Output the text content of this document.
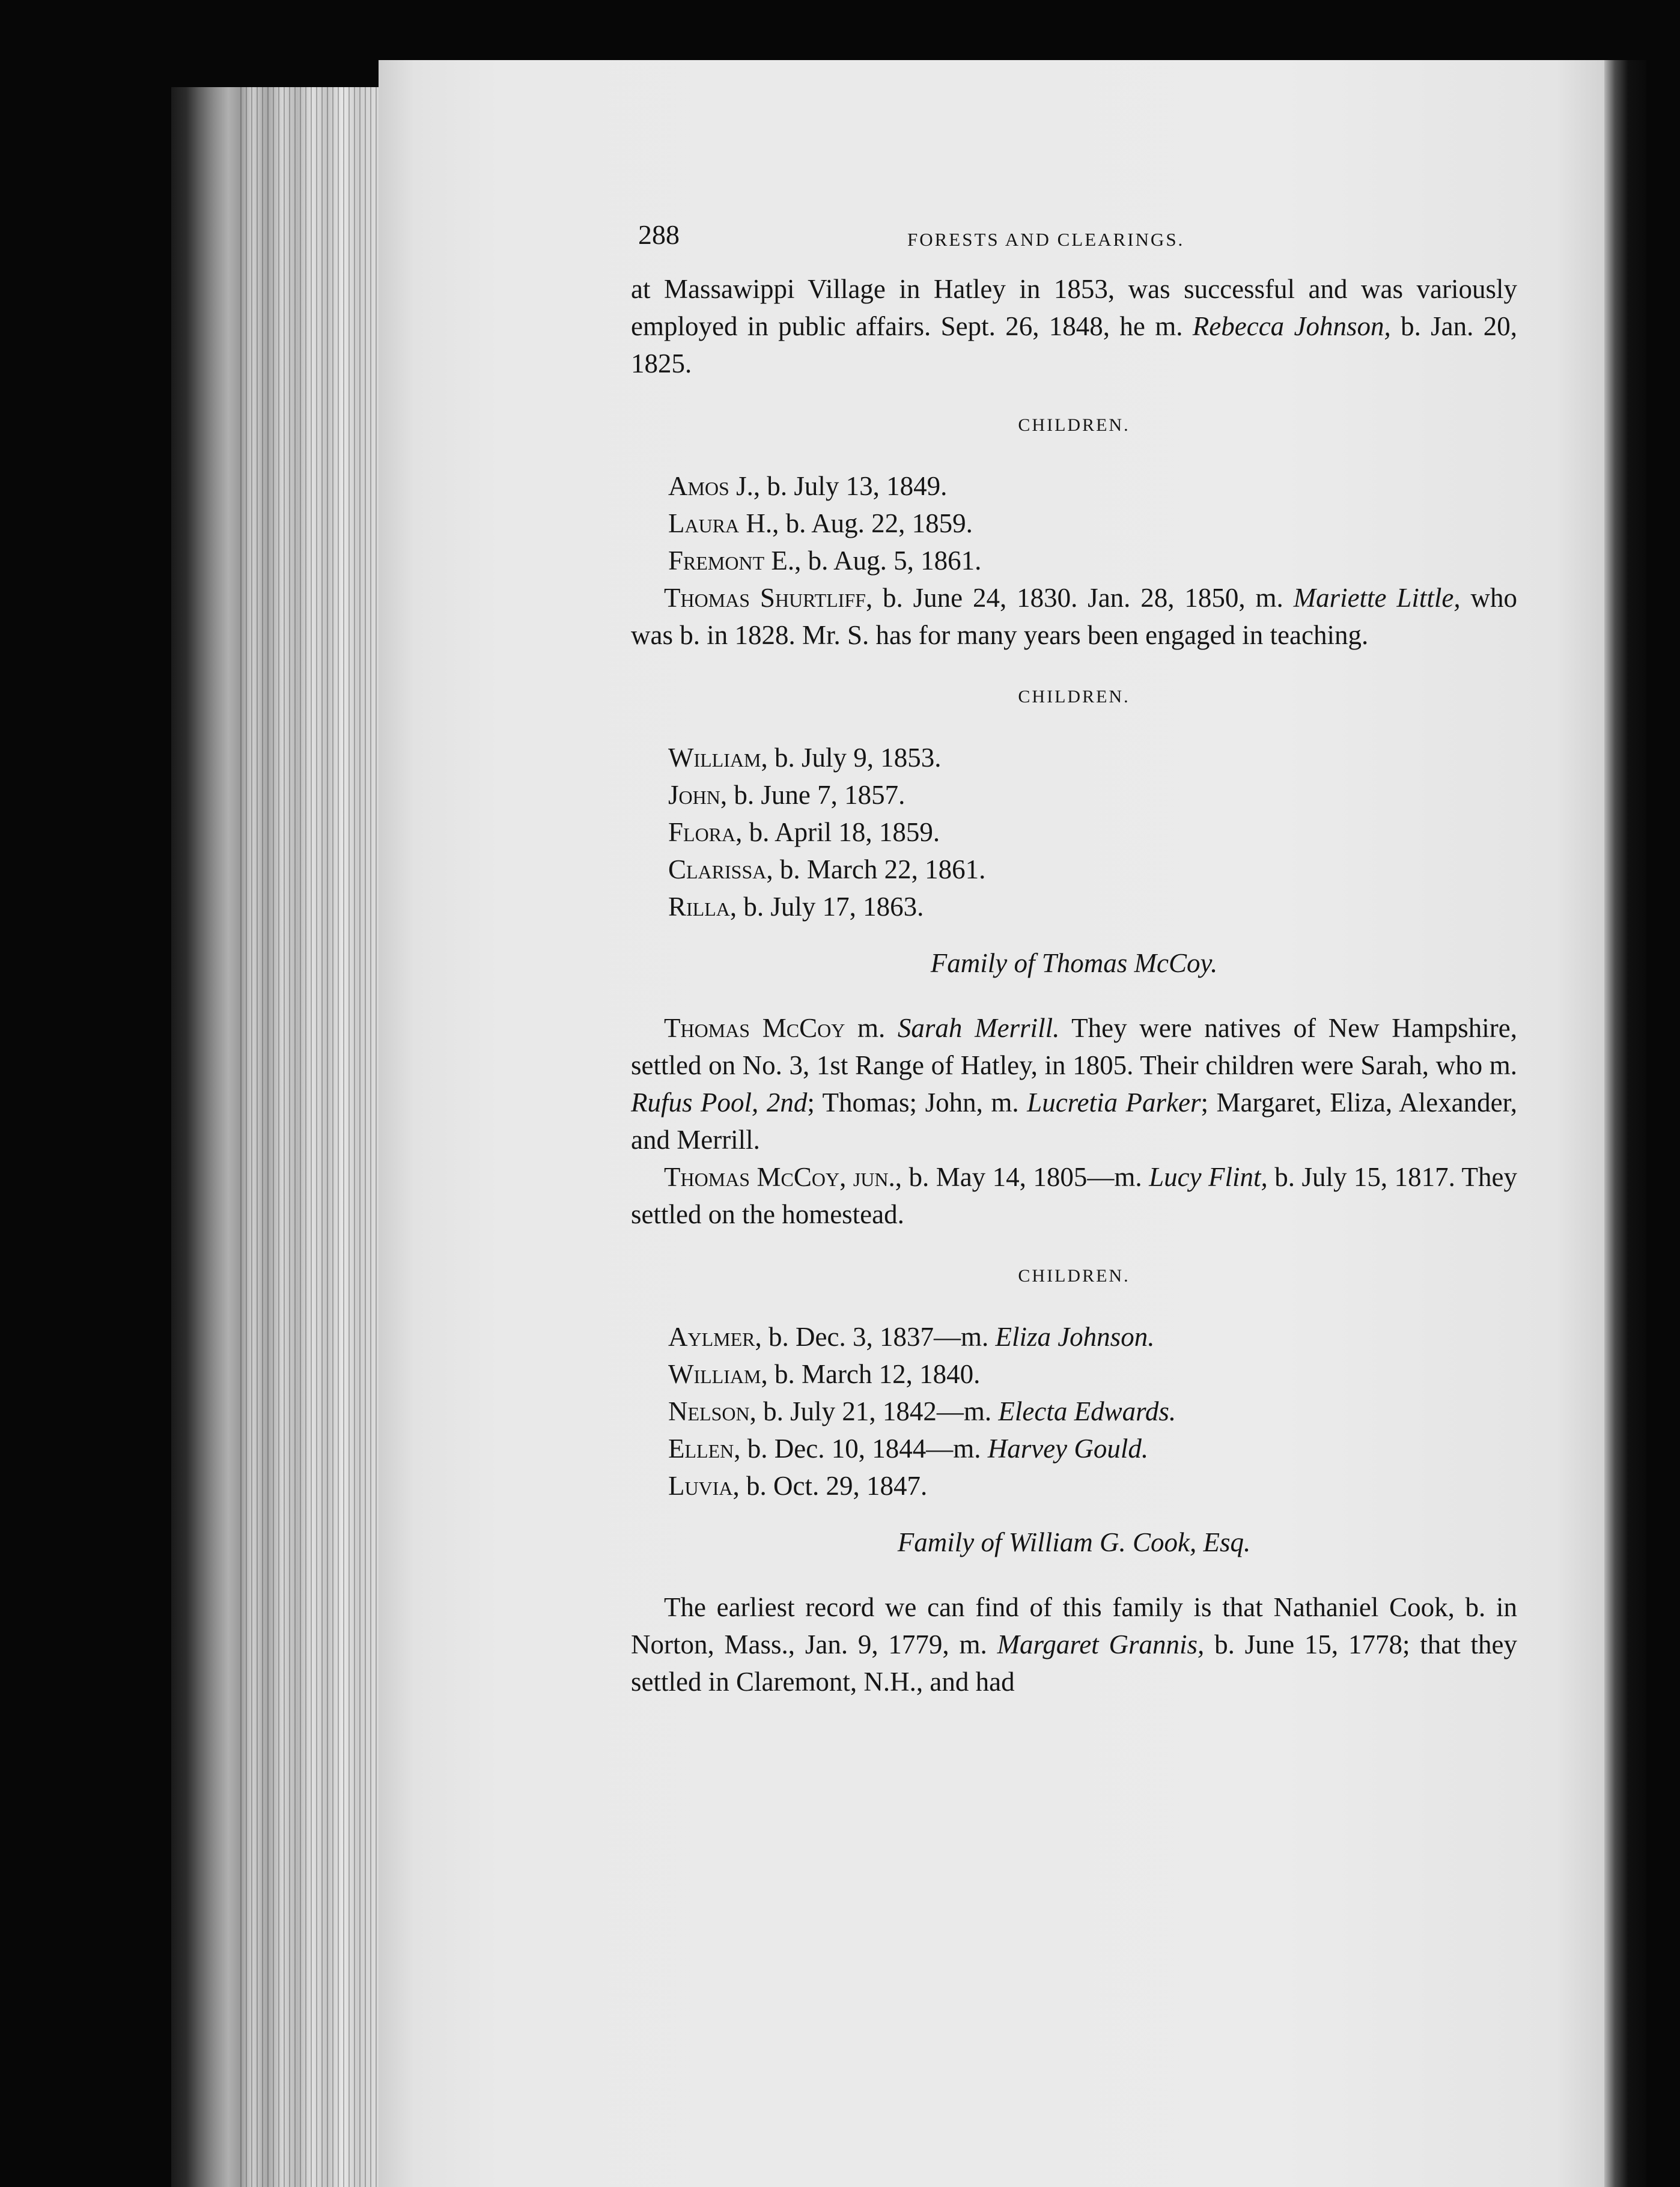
288	FORESTS AND CLEARINGS.

at Massawippi Village in Hatley in 1853, was successful and was variously employed in public affairs. Sept. 26, 1848, he m. Rebecca Johnson, b. Jan. 20, 1825.

CHILDREN.
Amos J., b. July 13, 1849.
Laura H., b. Aug. 22, 1859.
Fremont E., b. Aug. 5, 1861.

Thomas Shurtliff, b. June 24, 1830. Jan. 28, 1850, m. Mariette Little, who was b. in 1828. Mr. S. has for many years been engaged in teaching.

CHILDREN.
William, b. July 9, 1853.
John, b. June 7, 1857.
Flora, b. April 18, 1859.
Clarissa, b. March 22, 1861.
Rilla, b. July 17, 1863.
Family of Thomas McCoy.

Thomas McCoy m. Sarah Merrill. They were natives of New Hampshire, settled on No. 3, 1st Range of Hatley, in 1805. Their children were Sarah, who m. Rufus Pool, 2nd; Thomas; John, m. Lucretia Parker; Margaret, Eliza, Alexander, and Merrill.

Thomas McCoy, jun., b. May 14, 1805—m. Lucy Flint, b. July 15, 1817. They settled on the homestead.

CHILDREN.
Aylmer, b. Dec. 3, 1837—m. Eliza Johnson.
William, b. March 12, 1840.
Nelson, b. July 21, 1842—m. Electa Edwards.
Ellen, b. Dec. 10, 1844—m. Harvey Gould.
Luvia, b. Oct. 29, 1847.
Family of William G. Cook, Esq.

The earliest record we can find of this family is that Nathaniel Cook, b. in Norton, Mass., Jan. 9, 1779, m. Margaret Grannis, b. June 15, 1778; that they settled in Claremont, N.H., and had
